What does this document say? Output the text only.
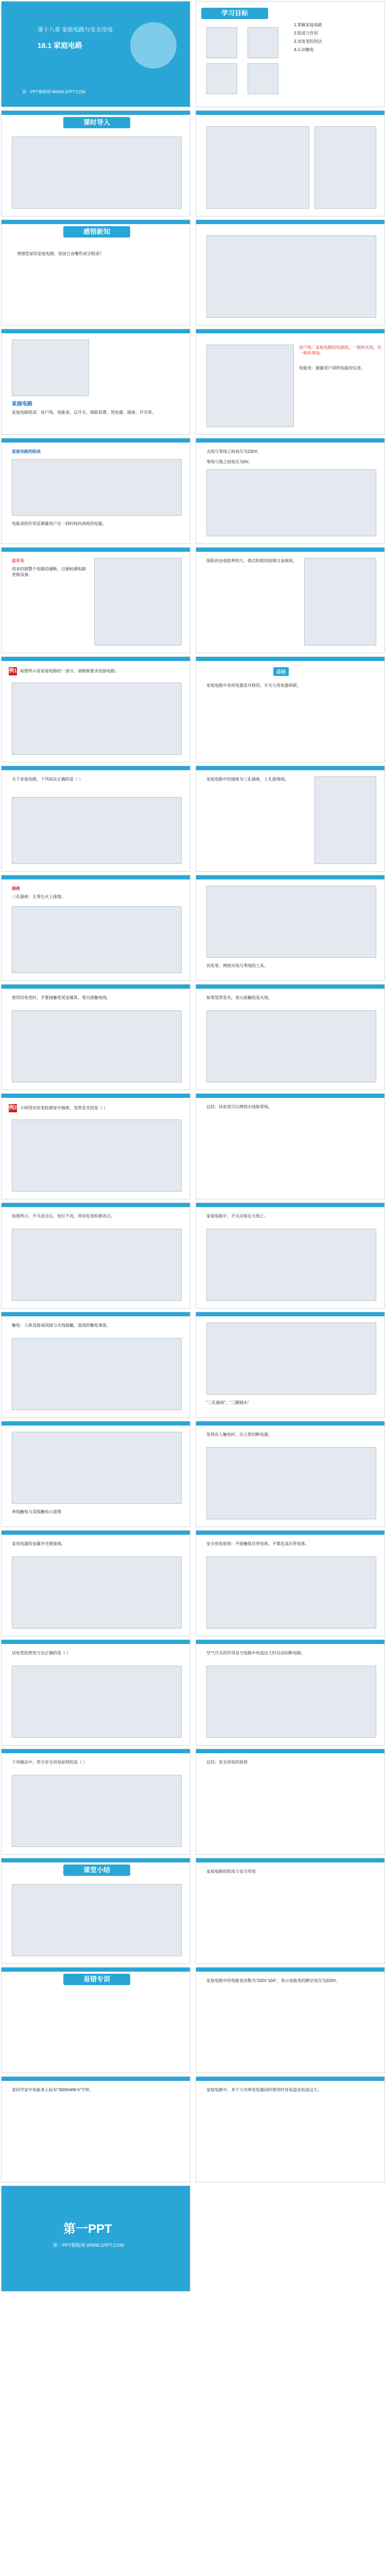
第十八章 家庭电路与安全用电
18.1 家庭电路
第一PPT模板网-WWW.1PPT.COM
学习目标
1.掌握家庭电路
2.组成与作用
3.试电笔的用法
4.认识触电
课时导入
感悟新知
观察您家的家庭电路，说说它由哪些部分组成？
家庭电路
家庭电路组成：进户线、电能表、总开关、保险装置、用电器、插座、开关等。
进户线：家庭电路的电源线，一根叫火线，另一根叫零线。
电能表：测量用户消耗电能的仪表。
家庭电路的组成
电能表的作用是测量用户在一段时间内消耗的电能。
火线与零线之间电压为220V。
零线与地之间电压为0V。
总开关
用来控制整个电路的通断，以便检测电路更换设备。
保险丝由电阻率较大、熔点较低的铅锑合金制成。
例1 如图所示是家庭电路的一部分，请根据要求连接电路。	总结
家庭电路中各用电器是并联的，开关与用电器串联。
关于家庭电路，下列说法正确的是（ ）	家庭电路中的插座为三孔插座，上孔接地线。
插座
三孔插座：左零右火上接地。
试电笔：辨别火线与零线的工具。
使用试电笔时，手要接触笔尾金属体，笔尖接触电线。	如果氖管发光，表示接触的是火线。
例2 小明用试电笔检测家中插座，氖管发光的是（ ）	总结：试电笔可以辨别火线和零线。
如图所示，开关闭合后，电灯不亮，用试电笔检测各点。	家庭电路中，开关应接在火线上。
触电：人体直接或间接与火线接触，造成的触电事故。
“三孔插座”，“三脚插头”
单线触电与双线触电示意图
发现有人触电时，应立即切断电源。
家用电器的金属外壳要接地。	安全用电原则：不接触低压带电体，不靠近高压带电体。
试电笔的使用方法正确的是（ ）	空气开关的作用是当电路中电流过大时自动切断电路。
下列做法中，符合安全用电原则的是（ ）	总结：安全用电的原则
课堂小结	家庭电路的组成与安全用电
易错专训	家庭电路中的电能表读数为“220V 10A”，表示电能表的额定电压为220V。
某同学家中电能表上标有“3000r/kW·h”字样。	家庭电路中，多个大功率用电器同时使用时容易造成电流过大。
第一PPT
第一PPT模板网 WWW.1PPT.COM
